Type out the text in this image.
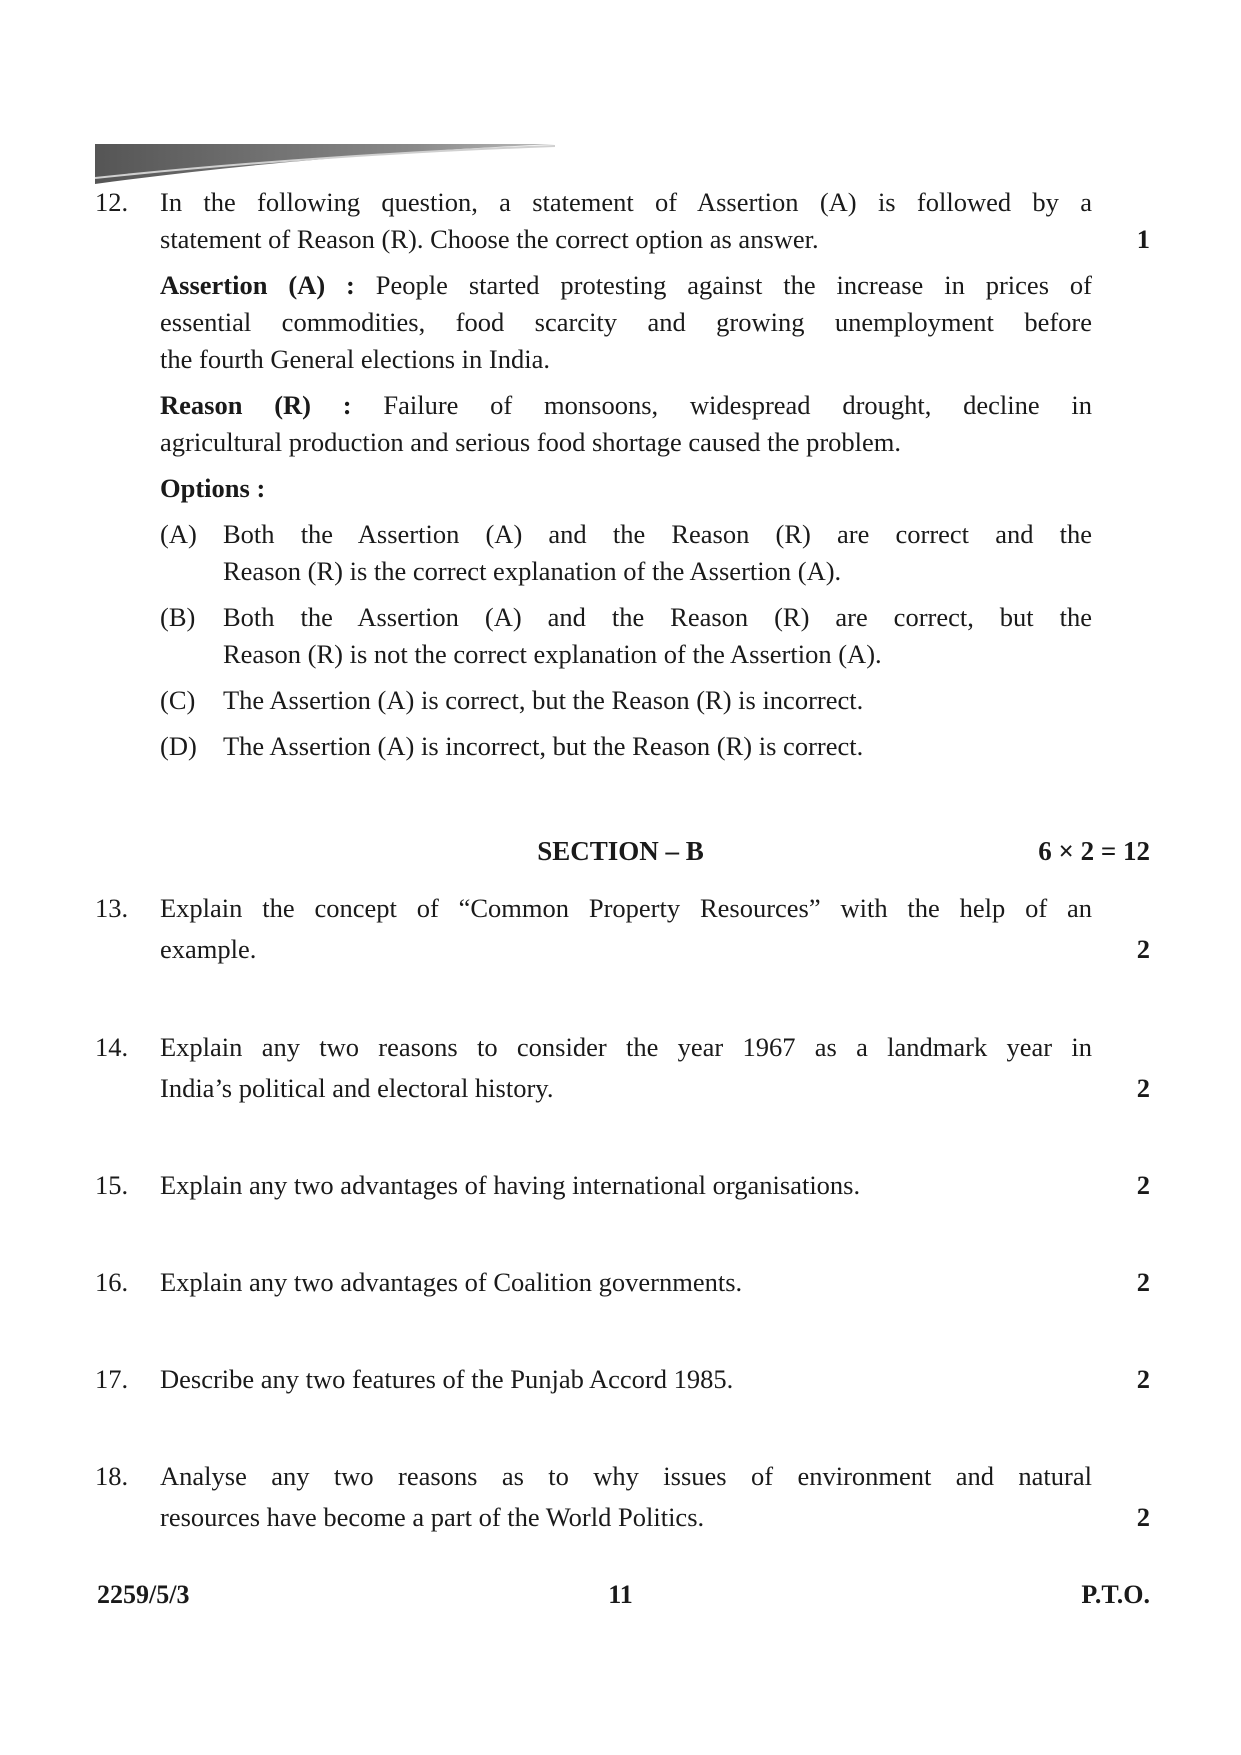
12.	In the following question, a statement of Assertion (A) is followed by a
statement of Reason (R). Choose the correct option as answer.
Assertion (A) : People started protesting against the increase in prices of
essential commodities, food scarcity and growing unemployment before
the fourth General elections in India.
Reason (R) : Failure of monsoons, widespread drought, decline in
agricultural production and serious food shortage caused the problem.
Options :
(A) Both the Assertion (A) and the Reason (R) are correct and the
Reason (R) is the correct explanation of the Assertion (A).
(B) Both the Assertion (A) and the Reason (R) are correct, but the
Reason (R) is not the correct explanation of the Assertion (A).
(C) The Assertion (A) is correct, but the Reason (R) is incorrect.
(D) The Assertion (A) is incorrect, but the Reason (R) is correct.
1
SECTION – B	6 × 2 = 12
13.	Explain the concept of “Common Property Resources” with the help of an
example.	2
14.	Explain any two reasons to consider the year 1967 as a landmark year in
India’s political and electoral history.	2
15.	Explain any two advantages of having international organisations.	2
16.	Explain any two advantages of Coalition governments.	2
17.	Describe any two features of the Punjab Accord 1985.	2
18.	Analyse any two reasons as to why issues of environment and natural
resources have become a part of the World Politics.	2
2259/5/3	11	P.T.O.
